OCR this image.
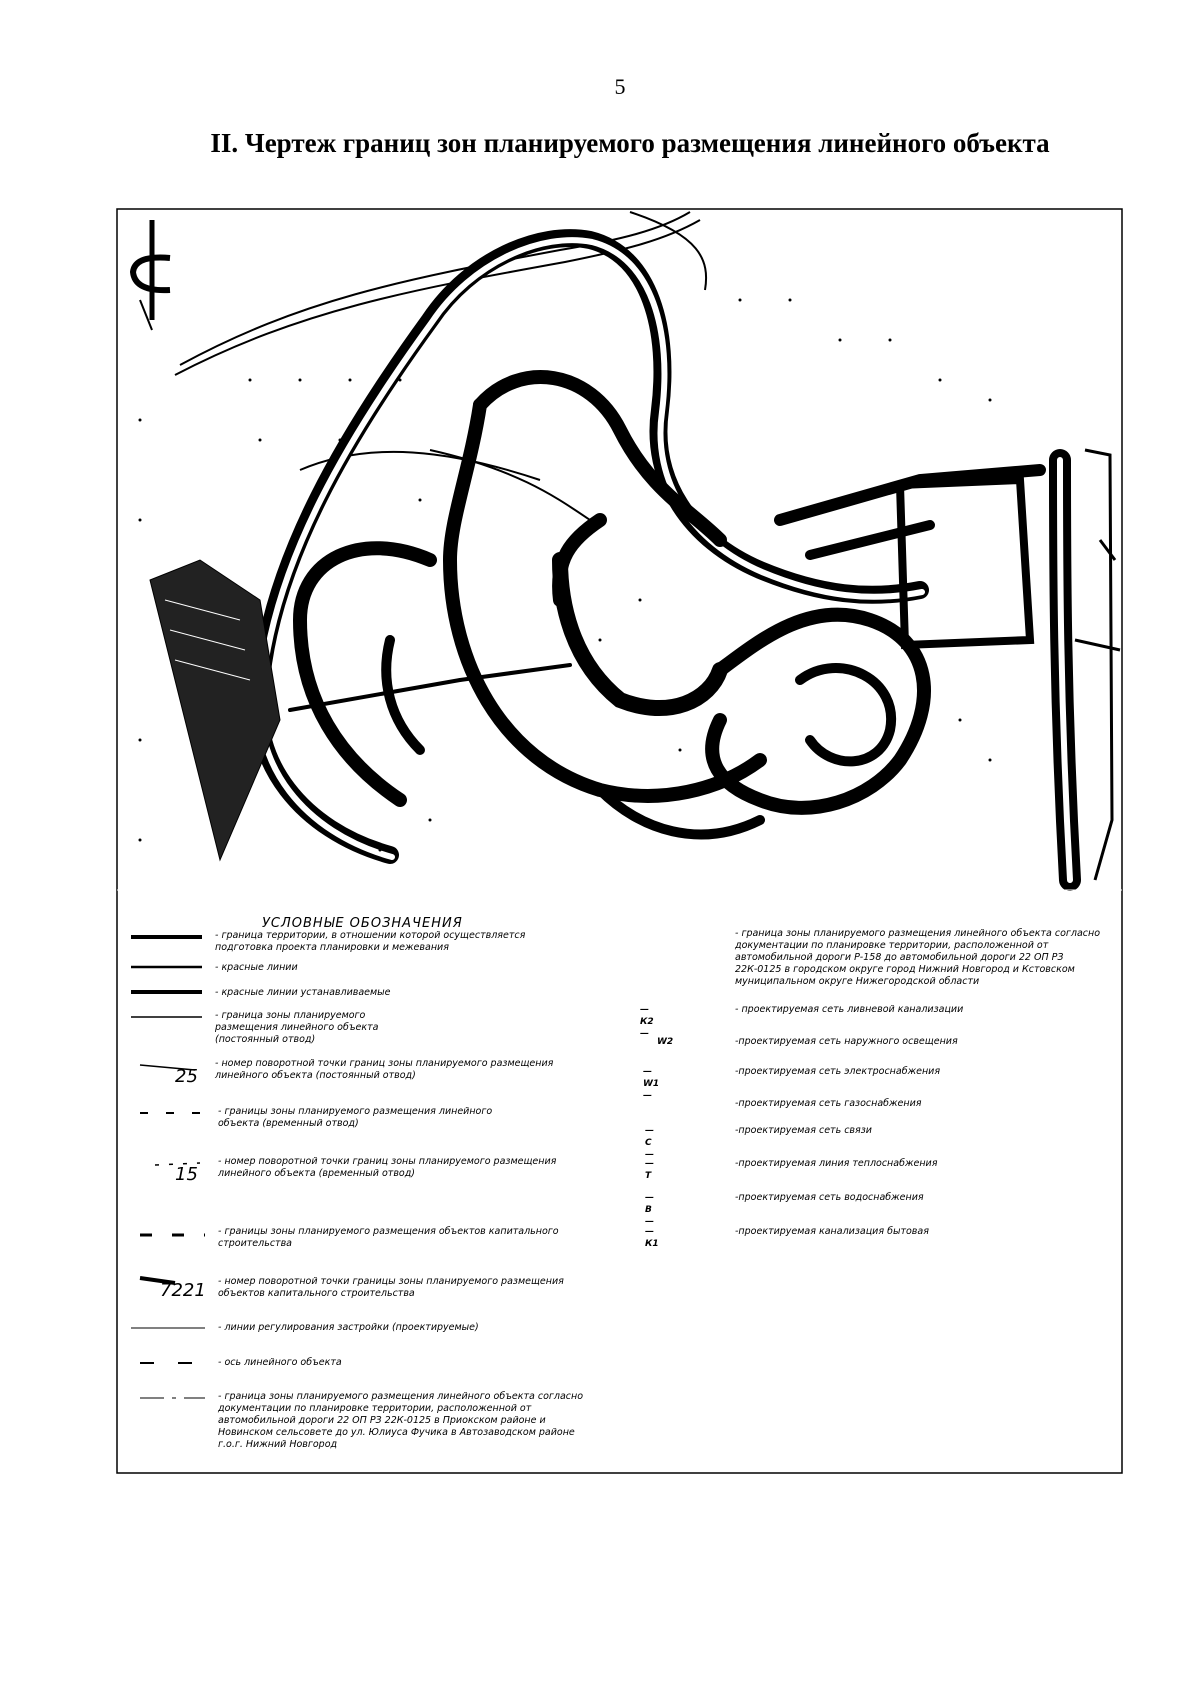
5
II. Чертеж границ зон планируемого размещения линейного объекта
УСЛОВНЫЕ ОБОЗНАЧЕНИЯ
- граница территории, в отношении которой осуществляется подготовка проекта планировки и межевания
- красные линии
- красные линии устанавливаемые
- граница зоны планируемого размещения линейного объекта (постоянный отвод)
- номер поворотной точки границ зоны планируемого размещения линейного объекта (постоянный отвод)
- границы зоны планируемого размещения линейного объекта (временный отвод)
- номер поворотной точки границ зоны планируемого размещения линейного объекта (временный отвод)
- границы зоны планируемого размещения объектов капитального строительства
- номер поворотной точки границы зоны планируемого размещения объектов капитального строительства
- линии регулирования застройки (проектируемые)
- ось линейного объекта
- граница зоны планируемого размещения линейного объекта согласно документации по планировке территории, расположенной от автомобильной дороги 22 ОП РЗ 22К-0125 в Приокском районе и Новинском сельсовете до ул. Юлиуса Фучика в Автозаводском районе г.о.г. Нижний Новгород
25
15
7221
- граница зоны планируемого размещения линейного объекта согласно документации по планировке территории, расположенной от автомобильной дороги Р-158 до автомобильной дороги 22 ОП РЗ 22К-0125 в городском округе город Нижний Новгород и Кстовском муниципальном округе Нижегородской области
— К2 —
- проектируемая сеть ливневой канализации
W2	-проектируемая сеть наружного освещения
— W1 —
-проектируемая сеть электроснабжения
-проектируемая сеть газоснабжения
—С—
-проектируемая сеть связи
—Т
-проектируемая линия теплоснабжения
— В —
-проектируемая сеть водоснабжения
—К1
-проектируемая канализация бытовая
